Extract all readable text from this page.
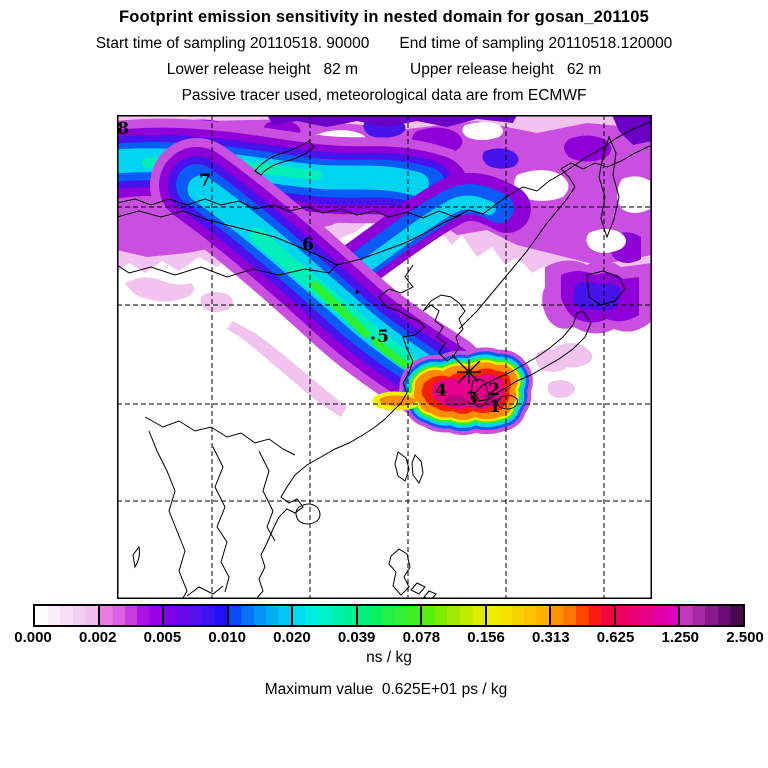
Footprint emission sensitivity in nested domain for gosan_201105
Start time of sampling 20110518. 90000 End time of sampling 20110518.120000
Lower release height   82 m	Upper release height   62 m
Passive tracer used, meteorological data are from ECMWF
1
2
3
4
5
6
7
8
0.000 0.002 0.005 0.010 0.020 0.039 0.078 0.156 0.313 0.625 1.250 2.500
ns / kg
Maximum value  0.625E+01 ps / kg
